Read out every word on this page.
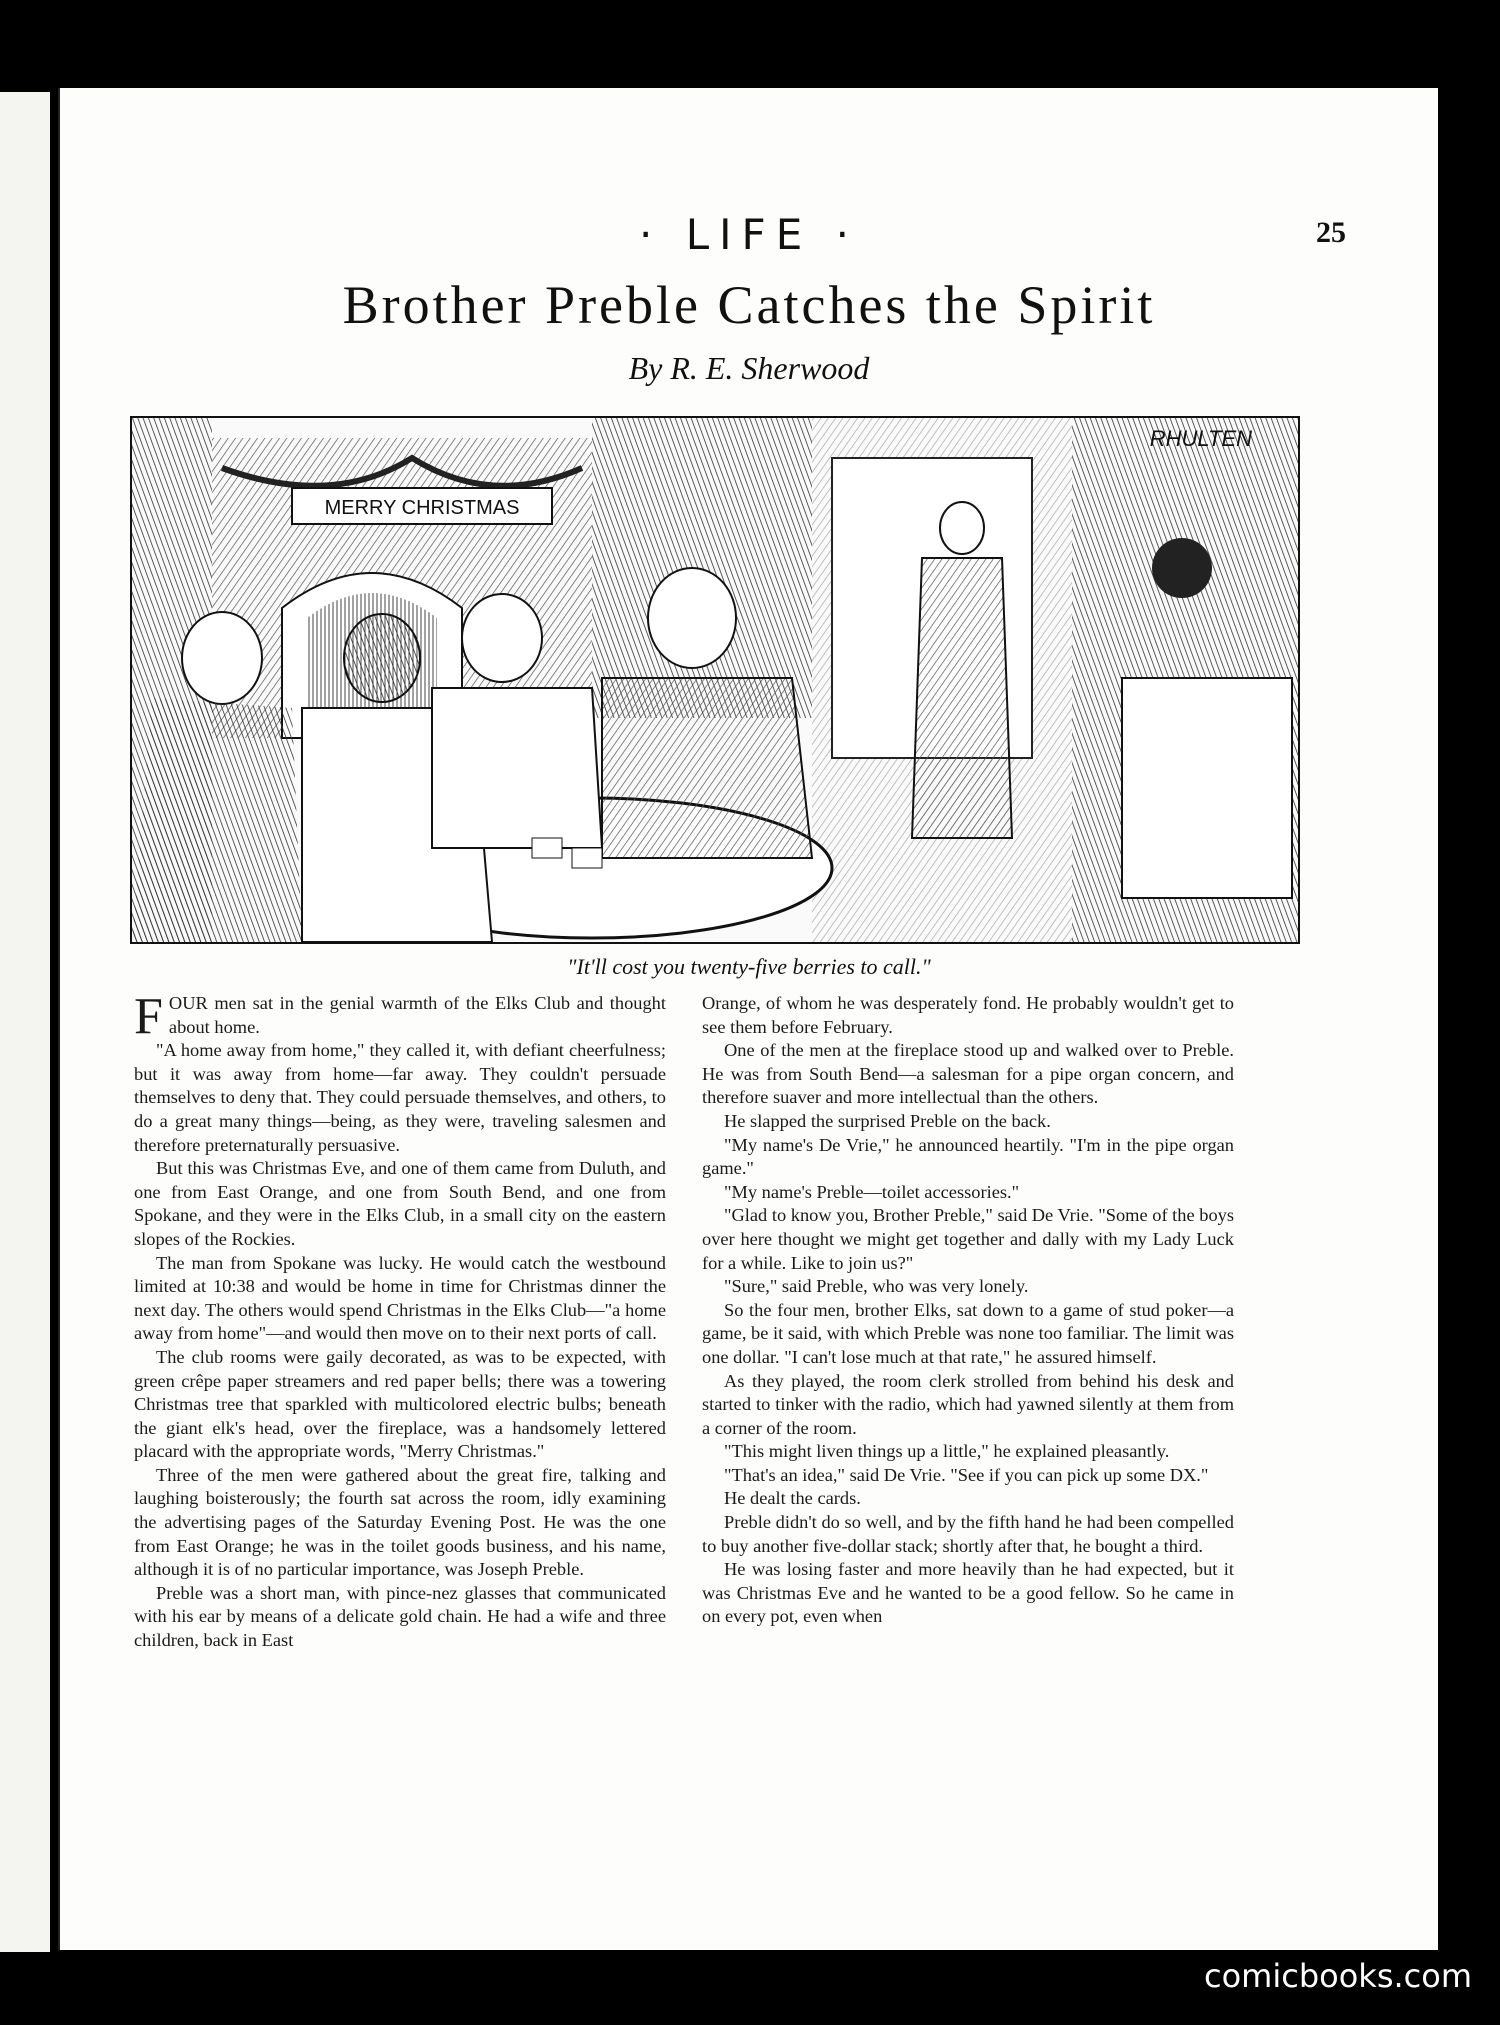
· LIFE ·	25
Brother Preble Catches the Spirit
By R. E. Sherwood
MERRY CHRISTMAS
RHULTEN
"It'll cost you twenty-five berries to call."

FOUR men sat in the genial warmth of the Elks Club and thought about home.

"A home away from home," they called it, with defiant cheerfulness; but it was away from home—far away. They couldn't persuade themselves to deny that. They could persuade themselves, and others, to do a great many things—being, as they were, traveling salesmen and therefore preternaturally persuasive.

But this was Christmas Eve, and one of them came from Duluth, and one from East Orange, and one from South Bend, and one from Spokane, and they were in the Elks Club, in a small city on the eastern slopes of the Rockies.

The man from Spokane was lucky. He would catch the westbound limited at 10:38 and would be home in time for Christmas dinner the next day. The others would spend Christmas in the Elks Club—"a home away from home"—and would then move on to their next ports of call.

The club rooms were gaily decorated, as was to be expected, with green crêpe paper streamers and red paper bells; there was a towering Christmas tree that sparkled with multicolored electric bulbs; beneath the giant elk's head, over the fireplace, was a handsomely lettered placard with the appropriate words, "Merry Christmas."

Three of the men were gathered about the great fire, talking and laughing boisterously; the fourth sat across the room, idly examining the advertising pages of the Saturday Evening Post. He was the one from East Orange; he was in the toilet goods business, and his name, although it is of no particular importance, was Joseph Preble.

Preble was a short man, with pince-nez glasses that communicated with his ear by means of a delicate gold chain. He had a wife and three children, back in East

Orange, of whom he was desperately fond. He probably wouldn't get to see them before February.

One of the men at the fireplace stood up and walked over to Preble. He was from South Bend—a salesman for a pipe organ concern, and therefore suaver and more intellectual than the others.

He slapped the surprised Preble on the back.

"My name's De Vrie," he announced heartily. "I'm in the pipe organ game."

"My name's Preble—toilet accessories."

"Glad to know you, Brother Preble," said De Vrie. "Some of the boys over here thought we might get together and dally with my Lady Luck for a while. Like to join us?"

"Sure," said Preble, who was very lonely.

So the four men, brother Elks, sat down to a game of stud poker—a game, be it said, with which Preble was none too familiar. The limit was one dollar. "I can't lose much at that rate," he assured himself.

As they played, the room clerk strolled from behind his desk and started to tinker with the radio, which had yawned silently at them from a corner of the room.

"This might liven things up a little," he explained pleasantly.

"That's an idea," said De Vrie. "See if you can pick up some DX."

He dealt the cards.

Preble didn't do so well, and by the fifth hand he had been compelled to buy another five-dollar stack; shortly after that, he bought a third.

He was losing faster and more heavily than he had expected, but it was Christmas Eve and he wanted to be a good fellow. So he came in on every pot, even when

comicbooks.com
